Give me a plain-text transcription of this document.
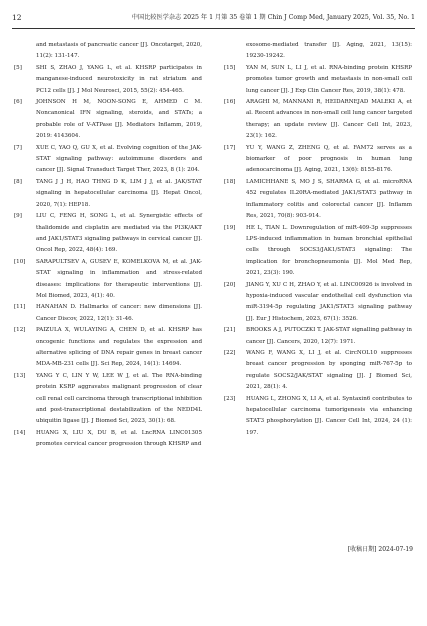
12	中国比较医学杂志 2025 年 1 月第 35 卷第 1 期 Chin J Comp Med, January 2025, Vol. 35, No. 1
and metastasis of pancreatic cancer [J]. Oncotarget, 2020, 11(2): 131-147.
[5]	SHI S, ZHAO J, YANG L, et al. KHSRP participates in manganese-induced neurotoxicity in rat striatum and PC12 cells [J]. J Mol Neurosci, 2015, 55(2): 454-465.
[6]	JOHNSON H M, NOON-SONG E, AHMED C M. Noncanonical IFN signaling, steroids, and STATs; a probable role of V-ATPase [J]. Mediators Inflamm, 2019, 2019: 4143604.
[7]	XUE C, YAO Q, GU X, et al. Evolving cognition of the JAK-STAT signaling pathway: autoimmune disorders and cancer [J]. Signal Transduct Target Ther, 2023, 8 (1): 204.
[8]	TANG J J H, HAO THNG D K, LIM J J, et al. JAK/STAT signaling in hepatocellular carcinoma [J]. Hepat Oncol, 2020, 7(1): HEP18.
[9]	LIU C, FENG H, SONG L, et al. Synergistic effects of thalidomide and cisplatin are mediated via the PI3K/AKT and JAK1/STAT3 signaling pathways in cervical cancer [J]. Oncol Rep, 2022, 48(4): 169.
[10] SARAPULTSEV A, GUSEV E, KOMELKOVA M, et al. JAK-STAT signaling in inflammation and stress-related diseases: implications for therapeutic interventions [J]. Mol Biomed, 2023, 4(1): 40.
[11] HANAHAN D. Hallmarks of cancer: new dimensions [J]. Cancer Discov, 2022, 12(1): 31-46.
[12] PAIZULA X, WULAYING A, CHEN D, et al. KHSRP has oncogenic functions and regulates the expression and alternative splicing of DNA repair genes in breast cancer MDA-MB-231 cells [J]. Sci Rep, 2024, 14(1): 14694.
[13] YANG Y C, LIN Y W, LEE W J, et al. The RNA-binding protein KSRP aggravates malignant progression of clear cell renal cell carcinoma through transcriptional inhibition and post-transcriptional destabilization of the NEDD4L ubiquitin ligase [J]. J Biomed Sci, 2023, 30(1): 68.
[14] HUANG X, LIU X, DU B, et al. LncRNA LINC01305 promotes cervical cancer progression through KHSRP and
exosome-mediated transfer [J]. Aging, 2021, 13(15): 19230-19242.
[15] YAN M, SUN L, LI J, et al. RNA-binding protein KHSRP promotes tumor growth and metastasis in non-small cell lung cancer [J]. J Exp Clin Cancer Res, 2019, 38(1): 478.
[16] ARAGHI M, MANNANI R, HEIDARNEJAD MALEKI A, et al. Recent advances in non-small cell lung cancer targeted therapy; an update review [J]. Cancer Cell Int, 2023, 23(1): 162.
[17] YU Y, WANG Z, ZHENG Q, et al. FAM72 serves as a biomarker of poor prognosis in human lung adenocarcinoma [J]. Aging, 2021, 13(6): 8155-8176.
[18] LAMICHHANE S, MO J S, SHARMA G, et al. microRNA 452 regulates IL20RA-mediated JAK1/STAT3 pathway in inflammatory colitis and colorectal cancer [J]. Inflamm Res, 2021, 70(8): 903-914.
[19] HE L, TIAN L. Downregulation of miR-409-3p suppresses LPS-induced inflammation in human bronchial epithelial cells through SOCS3/JAK1/STAT3 signaling: The implication for bronchopneumonia [J]. Mol Med Rep, 2021, 23(3): 190.
[20] JIANG Y, XU C H, ZHAO Y, et al. LINC00926 is involved in hypoxia-induced vascular endothelial cell dysfunction via miR-3194-5p regulating JAK1/STAT3 signaling pathway [J]. Eur J Histochem, 2023, 67(1): 3526.
[21] BROOKS A J, PUTOCZKI T. JAK-STAT signalling pathway in cancer [J]. Cancers, 2020, 12(7): 1971.
[22] WANG F, WANG X, LI J, et al. CircNOL10 suppresses breast cancer progression by sponging miR-767-5p to regulate SOCS2/JAK/STAT signaling [J]. J Biomed Sci, 2021, 28(1): 4.
[23] HUANG L, ZHONG X, LI A, et al. Syntaxin6 contributes to hepatocellular carcinoma tumorigenesis via enhancing STAT3 phosphorylation [J]. Cancer Cell Int, 2024, 24 (1): 197.
[收稿日期] 2024-07-19
